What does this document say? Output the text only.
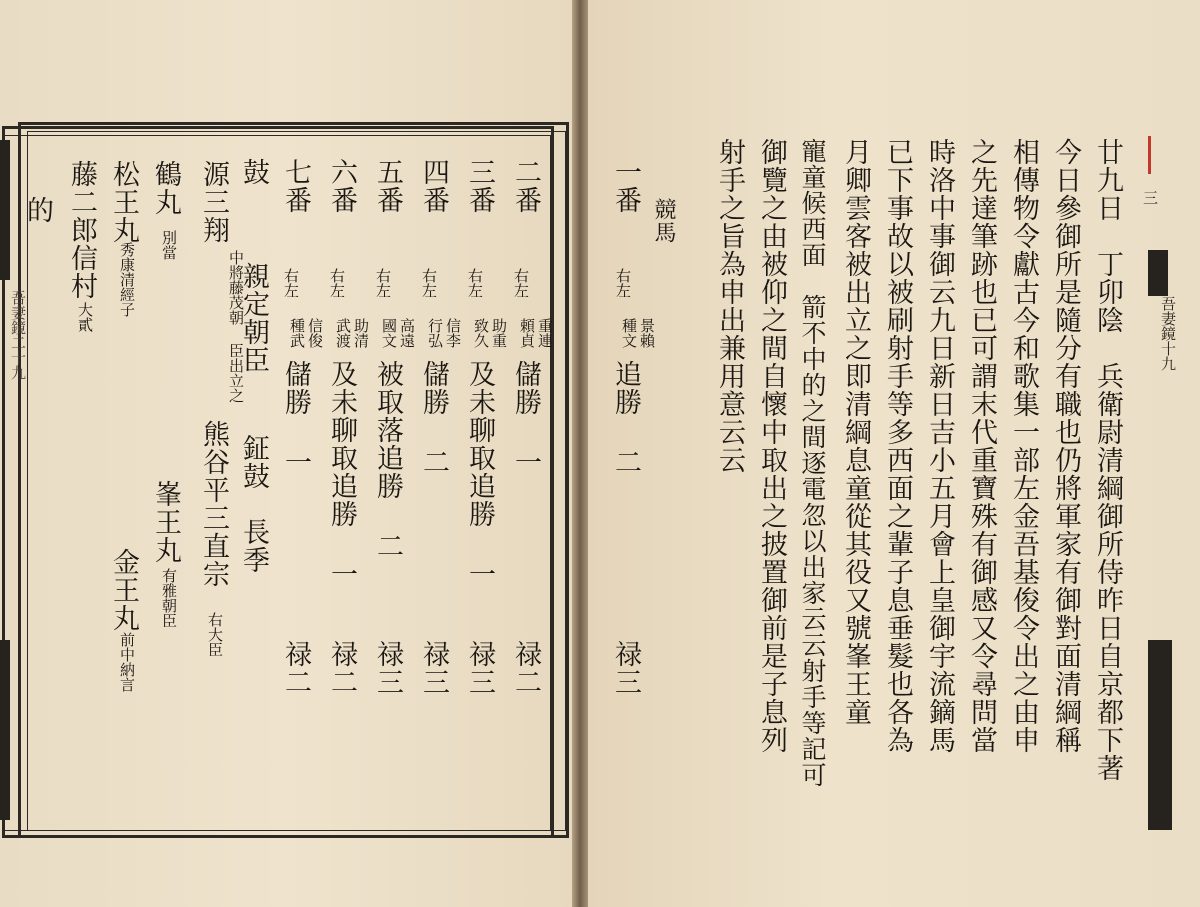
吾妻鏡二十九
二番
右左
重連
頼貞
儲勝 一
禄二
三番
右左
助重
致久
及未聊取追勝 一
禄三
四番
右左
信李
行弘
儲勝 二
禄三
五番
右左
高遠
國文
被取落追勝 二
禄三
六番
右左
助清
武渡
及未聊取追勝 一
禄二
七番
右左
信俊
種武
儲勝 一
禄二
鼓
親定朝臣
鉦鼓　長季
源三翔
中將藤茂朝 臣出立之
熊谷平三直宗
右大臣
鶴丸
別當
峯王丸
有雅朝臣
松王丸
秀康清經子
金王丸
前中納言
藤二郎信村
大貳
的
吾妻鏡十九
三
廿九日　丁卯陰　兵衛尉清綱御所侍昨日自京都下著
今日參御所是隨分有職也仍將軍家有御對面清綱稱
相傳物令獻古今和歌集一部左金吾基俊令出之由申
之先達筆跡也已可謂末代重寶殊有御感又令尋問當
時洛中事御云九日新日吉小五月會上皇御宇流鏑馬
已下事故以被刷射手等多西面之輩子息垂髮也各為
月卿雲客被出立之即清綱息童從其役又號峯王童
寵童候西面　箭不中的之間逐電忽以出家云云射手等記可
御覽之由被仰之間自懷中取出之披置御前是子息列
射手之旨為申出兼用意云云
競馬
一番
右左
景賴
種文
追勝 二
禄三
